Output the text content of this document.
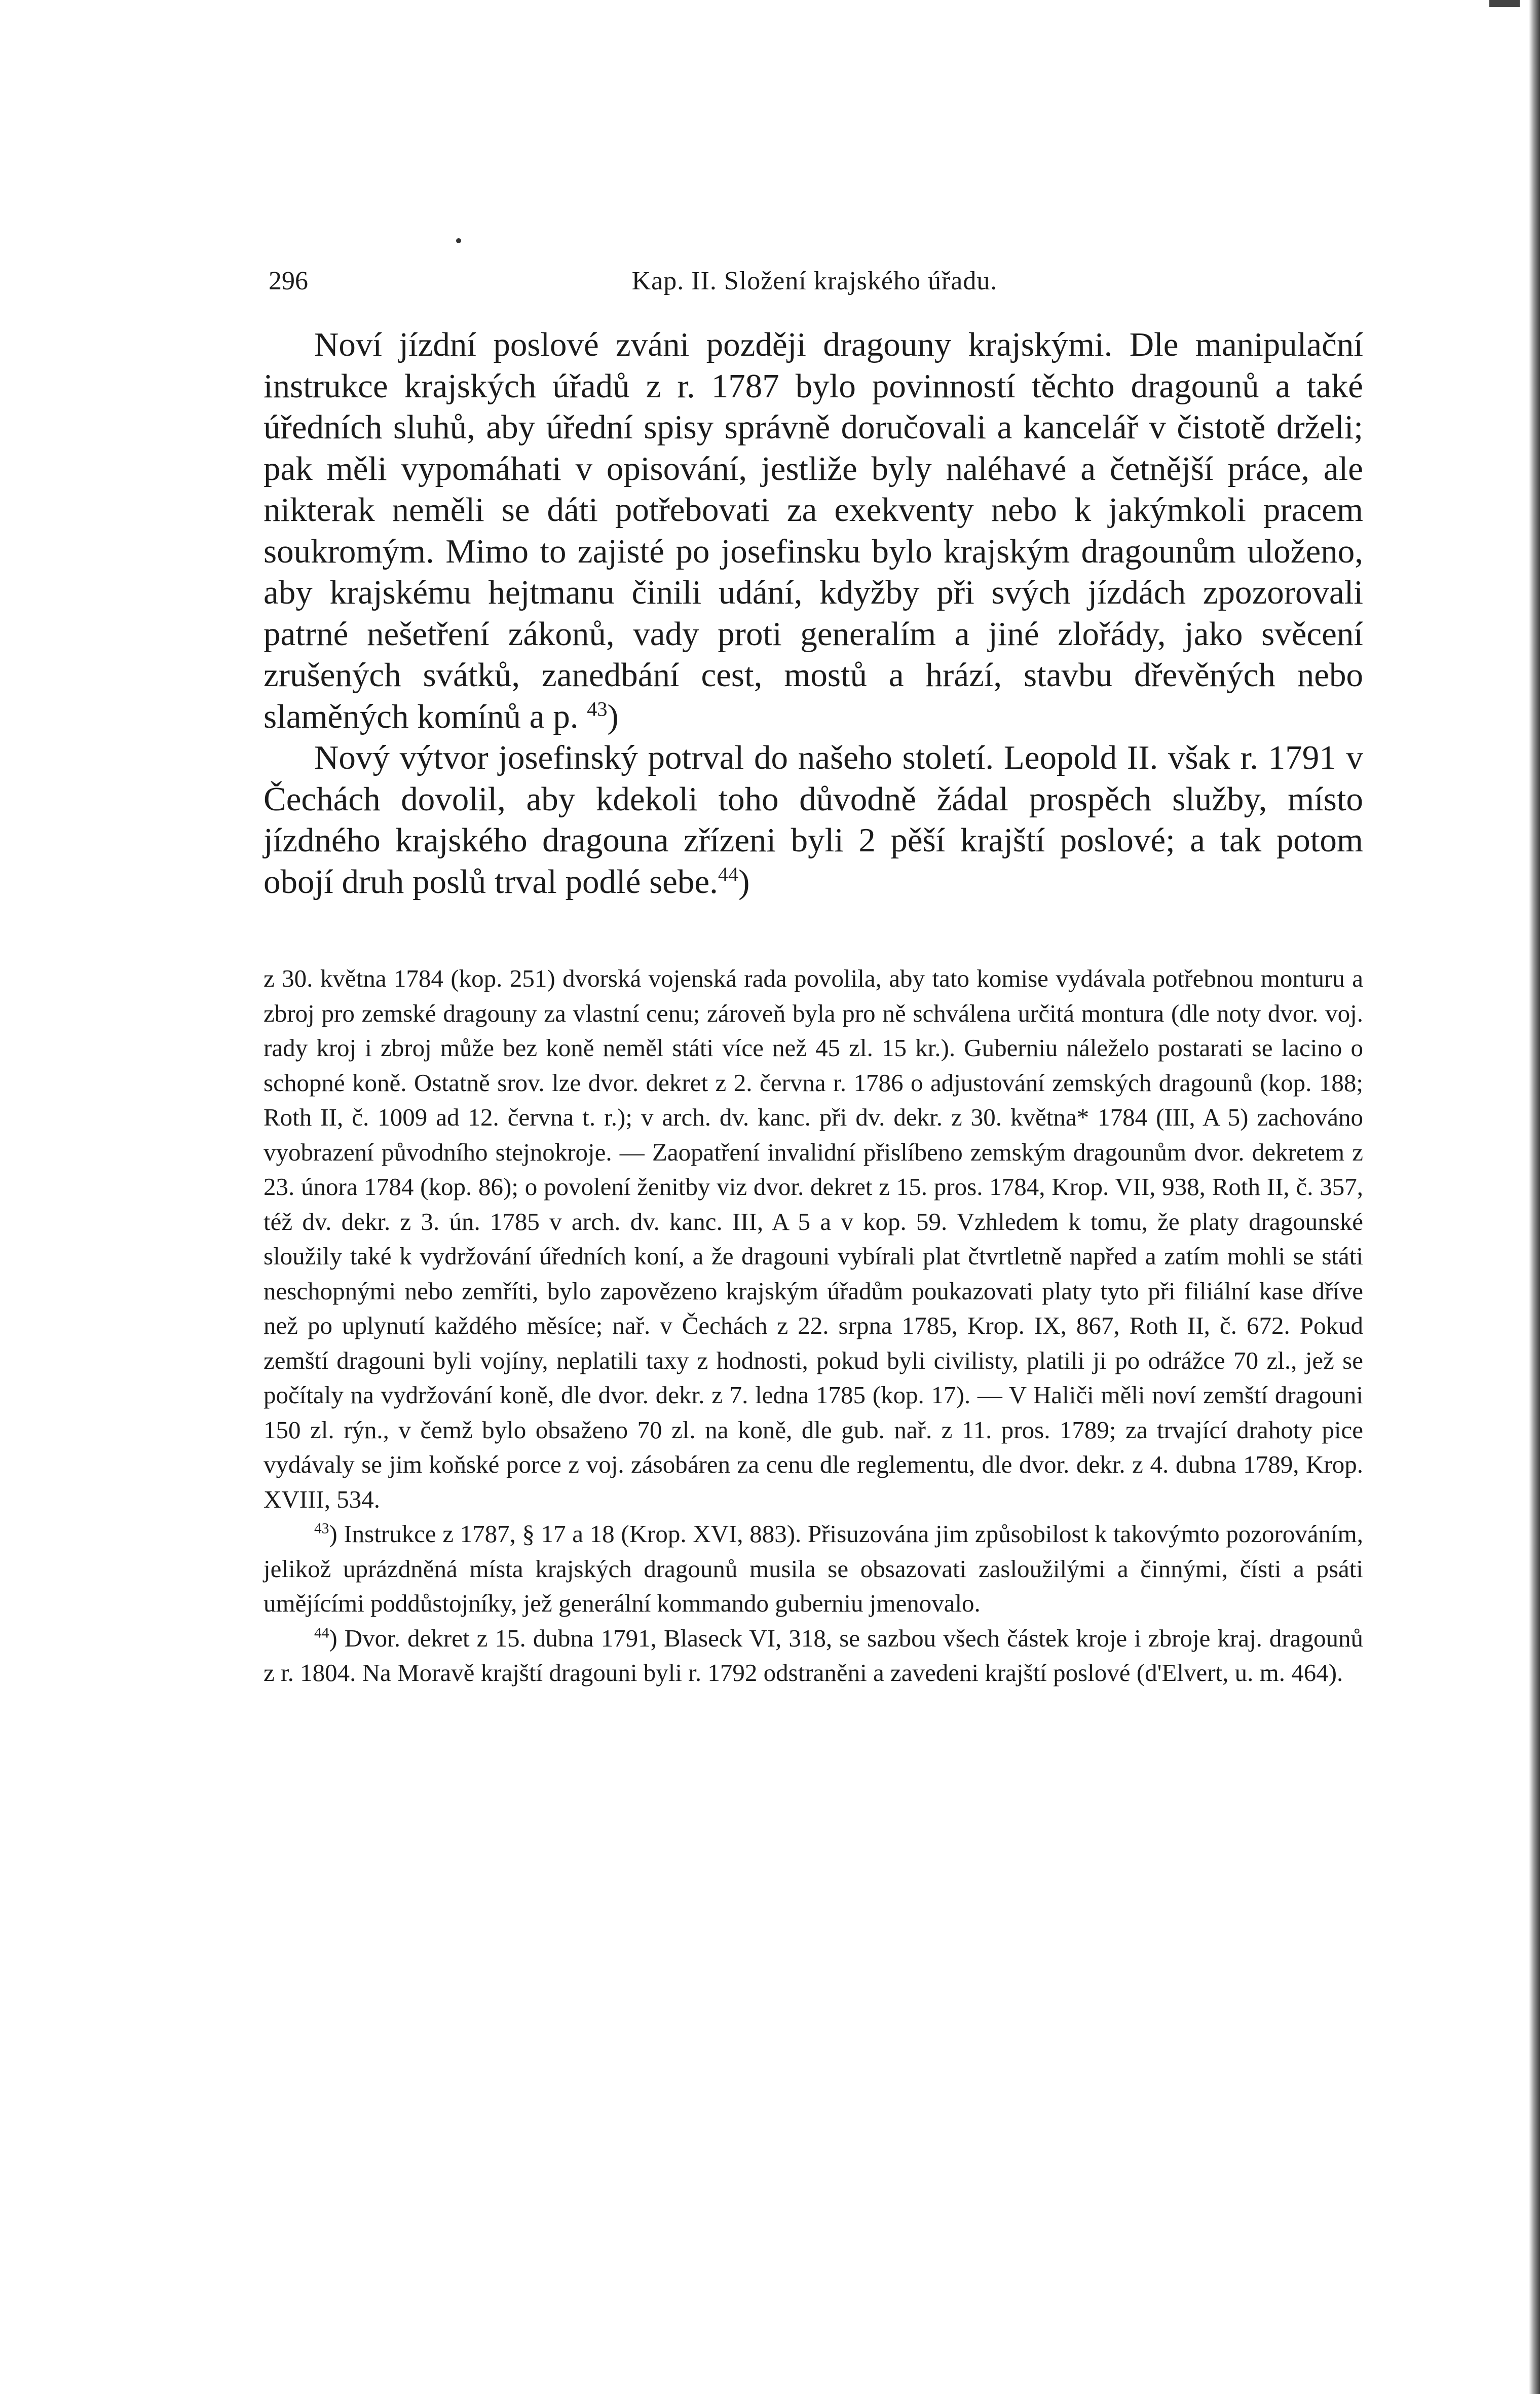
Kap. II. Složení krajského úřadu.
296

Noví jízdní poslové zváni později dragouny krajskými. Dle manipulační instrukce krajských úřadů z r. 1787 bylo povinností těchto dragounů a také úředních sluhů, aby úřední spisy správně doručovali a kancelář v čistotě drželi; pak měli vypomáhati v opisování, jestliže byly naléhavé a četnější práce, ale nikterak neměli se dáti potřebovati za exekventy nebo k jakýmkoli pracem soukromým. Mimo to zajisté po josefinsku bylo krajským dragounům uloženo, aby krajskému hejtmanu činili udání, kdyžby při svých jízdách zpozorovali patrné nešetření zákonů, vady proti generalím a jiné zlořády, jako svěcení zrušených svátků, zanedbání cest, mostů a hrází, stavbu dřevěných nebo slaměných komínů a p. $^{43}$)

Nový výtvor josefinský potrval do našeho století. Leopold II. však r. 1791 v Čechách dovolil, aby kdekoli toho důvodně žádal prospěch služby, místo jízdného krajského dragouna zřízeni byli 2 pěší krajští poslové; a tak potom obojí druh poslů trval podlé sebe.$^{44}$)

z 30. května 1784 (kop. 251) dvorská vojenská rada povolila, aby tato komise vydávala potřebnou monturu a zbroj pro zemské dragouny za vlastní cenu; zároveň byla pro ně schválena určitá montura (dle noty dvor. voj. rady kroj i zbroj může bez koně neměl státi více než 45 zl. 15 kr.). Guberniu náleželo postarati se lacino o schopné koně. Ostatně srov. lze dvor. dekret z 2. června r. 1786 o adjustování zemských dragounů (kop. 188; Roth II, č. 1009 ad 12. června t. r.); v arch. dv. kanc. při dv. dekr. z 30. května* 1784 (III, A 5) zachováno vyobrazení původního stejnokroje. — Zaopatření invalidní přislíbeno zemským dragounům dvor. dekretem z 23. února 1784 (kop. 86); o povolení ženitby viz dvor. dekret z 15. pros. 1784, Krop. VII, 938, Roth II, č. 357, též dv. dekr. z 3. ún. 1785 v arch. dv. kanc. III, A 5 a v kop. 59. Vzhledem k tomu, že platy dragounské sloužily také k vydržování úředních koní, a že dragouni vybírali plat čtvrtletně napřed a zatím mohli se státi neschopnými nebo zemříti, bylo zapovězeno krajským úřadům poukazovati platy tyto při filiální kase dříve než po uplynutí každého měsíce; nař. v Čechách z 22. srpna 1785, Krop. IX, 867, Roth II, č. 672. Pokud zemští dragouni byli vojíny, neplatili taxy z hodnosti, pokud byli civilisty, platili ji po odrážce 70 zl., jež se počítaly na vydržování koně, dle dvor. dekr. z 7. ledna 1785 (kop. 17). — V Haliči měli noví zemští dragouni 150 zl. rýn., v čemž bylo obsaženo 70 zl. na koně, dle gub. nař. z 11. pros. 1789; za trvající drahoty pice vydávaly se jim koňské porce z voj. zásobáren za cenu dle reglementu, dle dvor. dekr. z 4. dubna 1789, Krop. XVIII, 534.

$^{43}$) Instrukce z 1787, § 17 a 18 (Krop. XVI, 883). Přisuzována jim způsobilost k takovýmto pozorováním, jelikož uprázdněná místa krajských dragounů musila se obsazovati zasloužilými a činnými, čísti a psáti umějícími poddůstojníky, jež generální kommando guberniu jmenovalo.

$^{44}$) Dvor. dekret z 15. dubna 1791, Blaseck VI, 318, se sazbou všech částek kroje i zbroje kraj. dragounů z r. 1804. Na Moravě krajští dragouni byli r. 1792 odstraněni a zavedeni krajští poslové (d'Elvert, u. m. 464).
